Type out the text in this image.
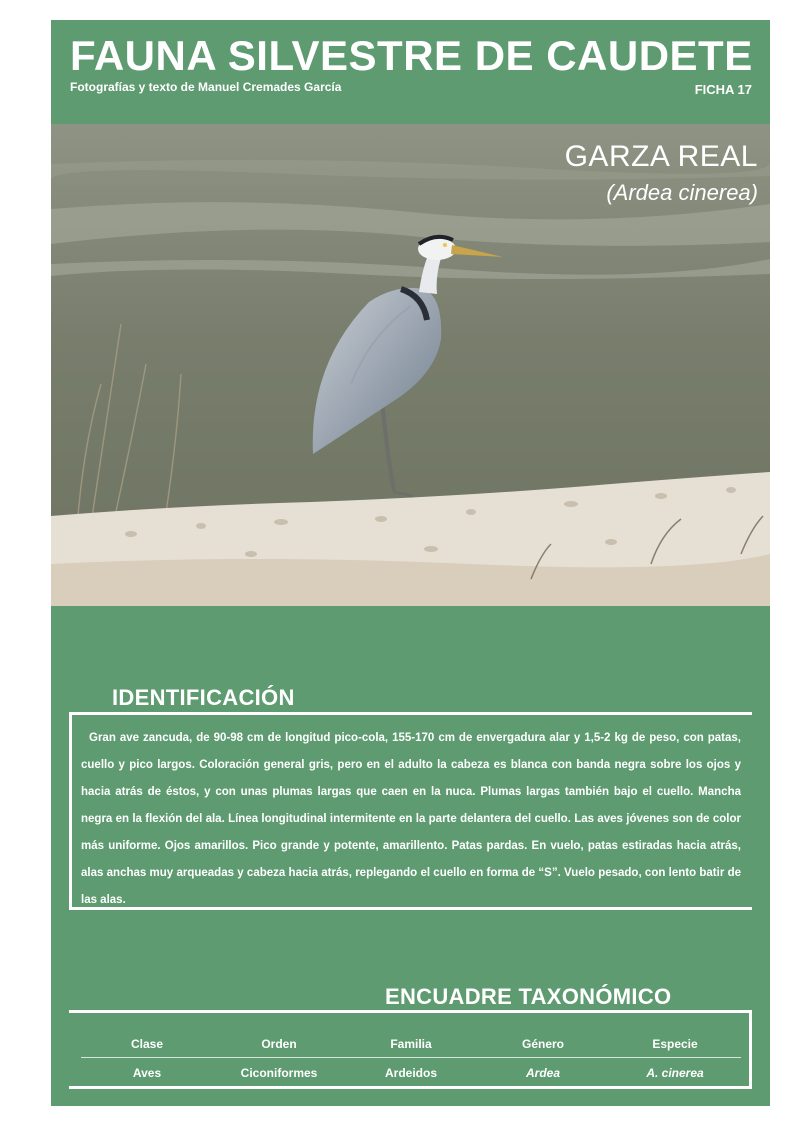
FAUNA SILVESTRE DE CAUDETE
Fotografías y texto de Manuel Cremades García	FICHA 17
GARZA REAL
(Ardea cinerea)
IDENTIFICACIÓN

Gran ave zancuda, de 90-98 cm de longitud pico-cola, 155-170 cm de envergadura alar y 1,5-2 kg de peso, con patas, cuello y pico largos. Coloración general gris, pero en el adulto la cabeza es blanca con banda negra sobre los ojos y hacia atrás de éstos, y con unas plumas largas que caen en la nuca. Plumas largas también bajo el cuello. Mancha negra en la flexión del ala. Línea longitudinal intermitente en la parte delantera del cuello. Las aves jóvenes son de color más uniforme. Ojos amarillos. Pico grande y potente, amarillento. Patas pardas. En vuelo, patas estiradas hacia atrás, alas anchas muy arqueadas y cabeza hacia atrás, replegando el cuello en forma de “S”. Vuelo pesado, con lento batir de las alas.

ENCUADRE TAXONÓMICO
Clase	Orden	Familia	Género	Especie
Aves	Ciconiformes	Ardeidos	Ardea	A. cinerea
